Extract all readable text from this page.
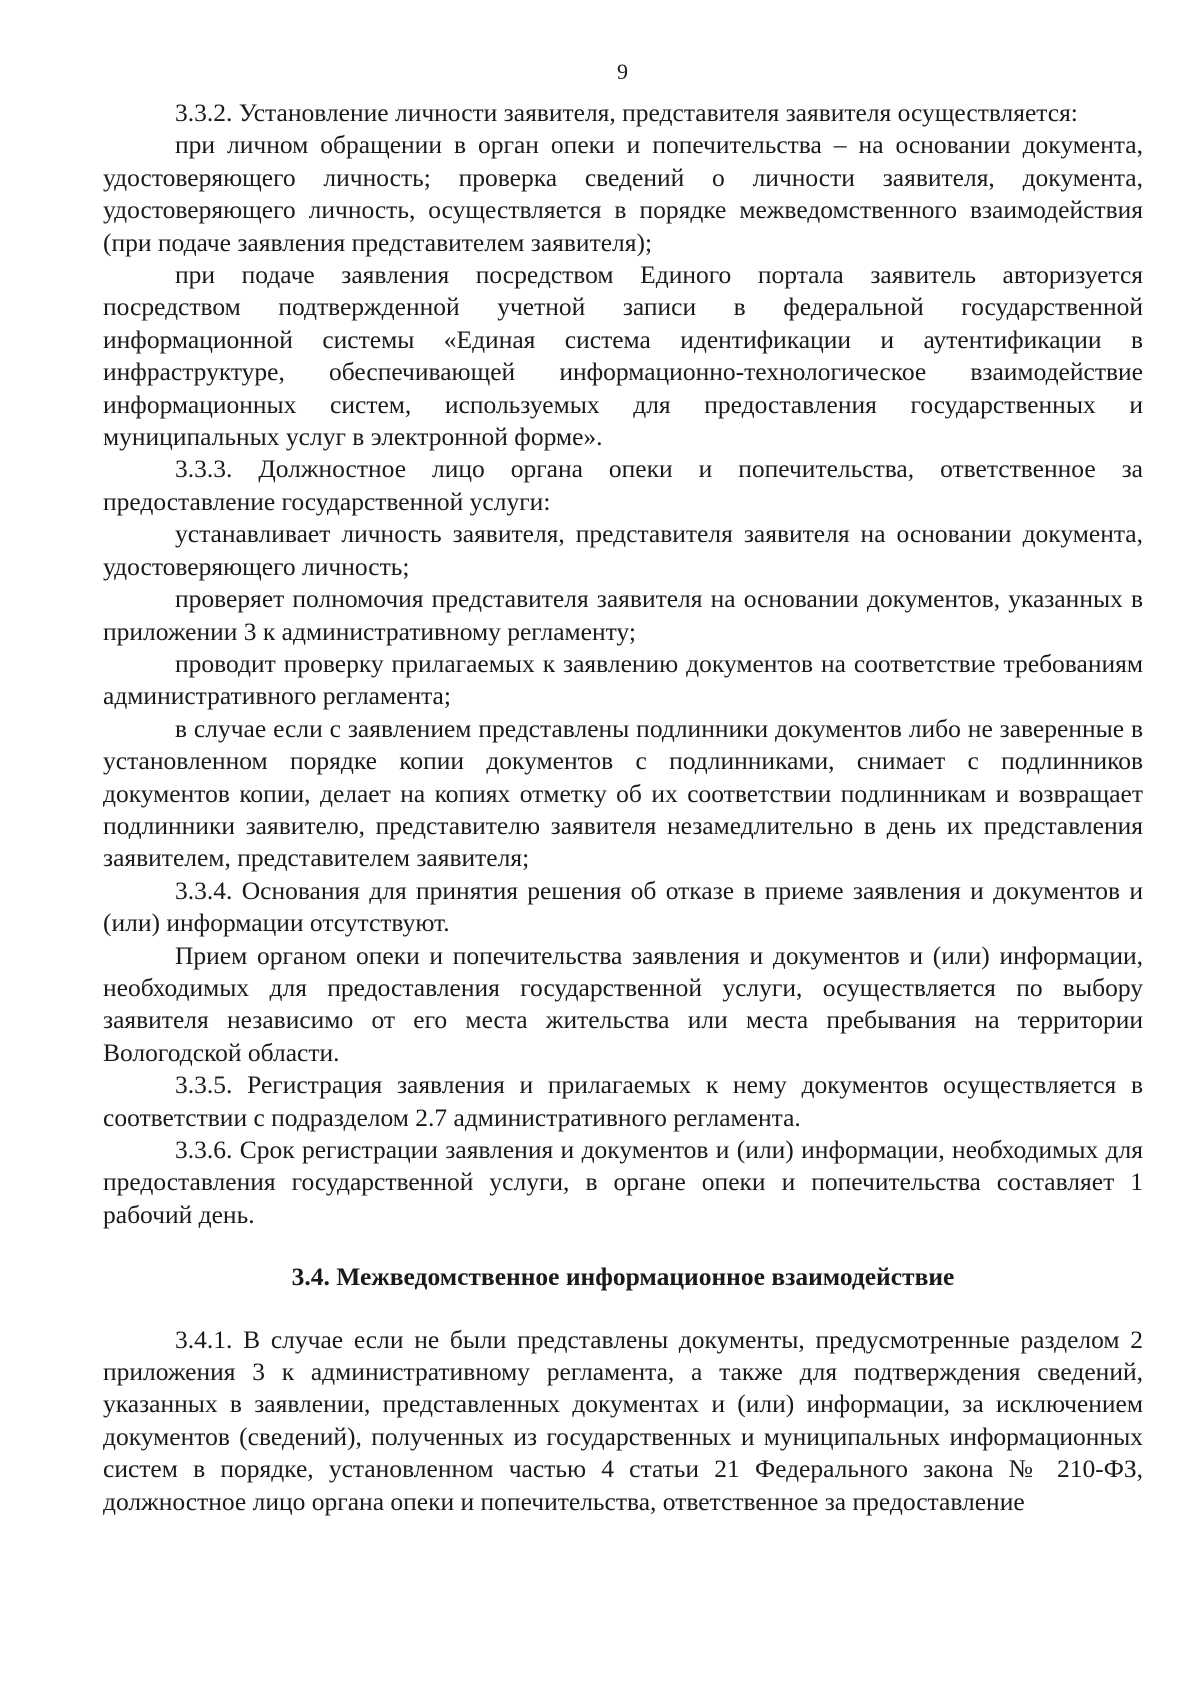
9

3.3.2. Установление личности заявителя, представителя заявителя осуществляется:

при личном обращении в орган опеки и попечительства – на основании документа, удостоверяющего личность; проверка сведений о личности заявителя, документа, удостоверяющего личность, осуществляется в порядке межведомственного взаимодействия (при подаче заявления представителем заявителя);

при подаче заявления посредством Единого портала заявитель авторизуется посредством подтвержденной учетной записи в федеральной государственной информационной системы «Единая система идентификации и аутентификации в инфраструктуре, обеспечивающей информационно-технологическое взаимодействие информационных систем, используемых для предоставления государственных и муниципальных услуг в электронной форме».

3.3.3. Должностное лицо органа опеки и попечительства, ответственное за предоставление государственной услуги:

устанавливает личность заявителя, представителя заявителя на основании документа, удостоверяющего личность;

проверяет полномочия представителя заявителя на основании документов, указанных в приложении 3 к административному регламенту;

проводит проверку прилагаемых к заявлению документов на соответствие требованиям административного регламента;

в случае если с заявлением представлены подлинники документов либо не заверенные в установленном порядке копии документов с подлинниками, снимает с подлинников документов копии, делает на копиях отметку об их соответствии подлинникам и возвращает подлинники заявителю, представителю заявителя незамедлительно в день их представления заявителем, представителем заявителя;

3.3.4. Основания для принятия решения об отказе в приеме заявления и документов и (или) информации отсутствуют.

Прием органом опеки и попечительства заявления и документов и (или) информации, необходимых для предоставления государственной услуги, осуществляется по выбору заявителя независимо от его места жительства или места пребывания на территории Вологодской области.

3.3.5. Регистрация заявления и прилагаемых к нему документов осуществляется в соответствии с подразделом 2.7 административного регламента.

3.3.6. Срок регистрации заявления и документов и (или) информации, необходимых для предоставления государственной услуги, в органе опеки и попечительства составляет 1 рабочий день.

3.4. Межведомственное информационное взаимодействие

3.4.1. В случае если не были представлены документы, предусмотренные разделом 2 приложения 3 к административному регламента, а также для подтверждения сведений, указанных в заявлении, представленных документах и (или) информации, за исключением документов (сведений), полученных из государственных и муниципальных информационных систем в порядке, установленном частью 4 статьи 21 Федерального закона № 210-ФЗ, должностное лицо органа опеки и попечительства, ответственное за предоставление
